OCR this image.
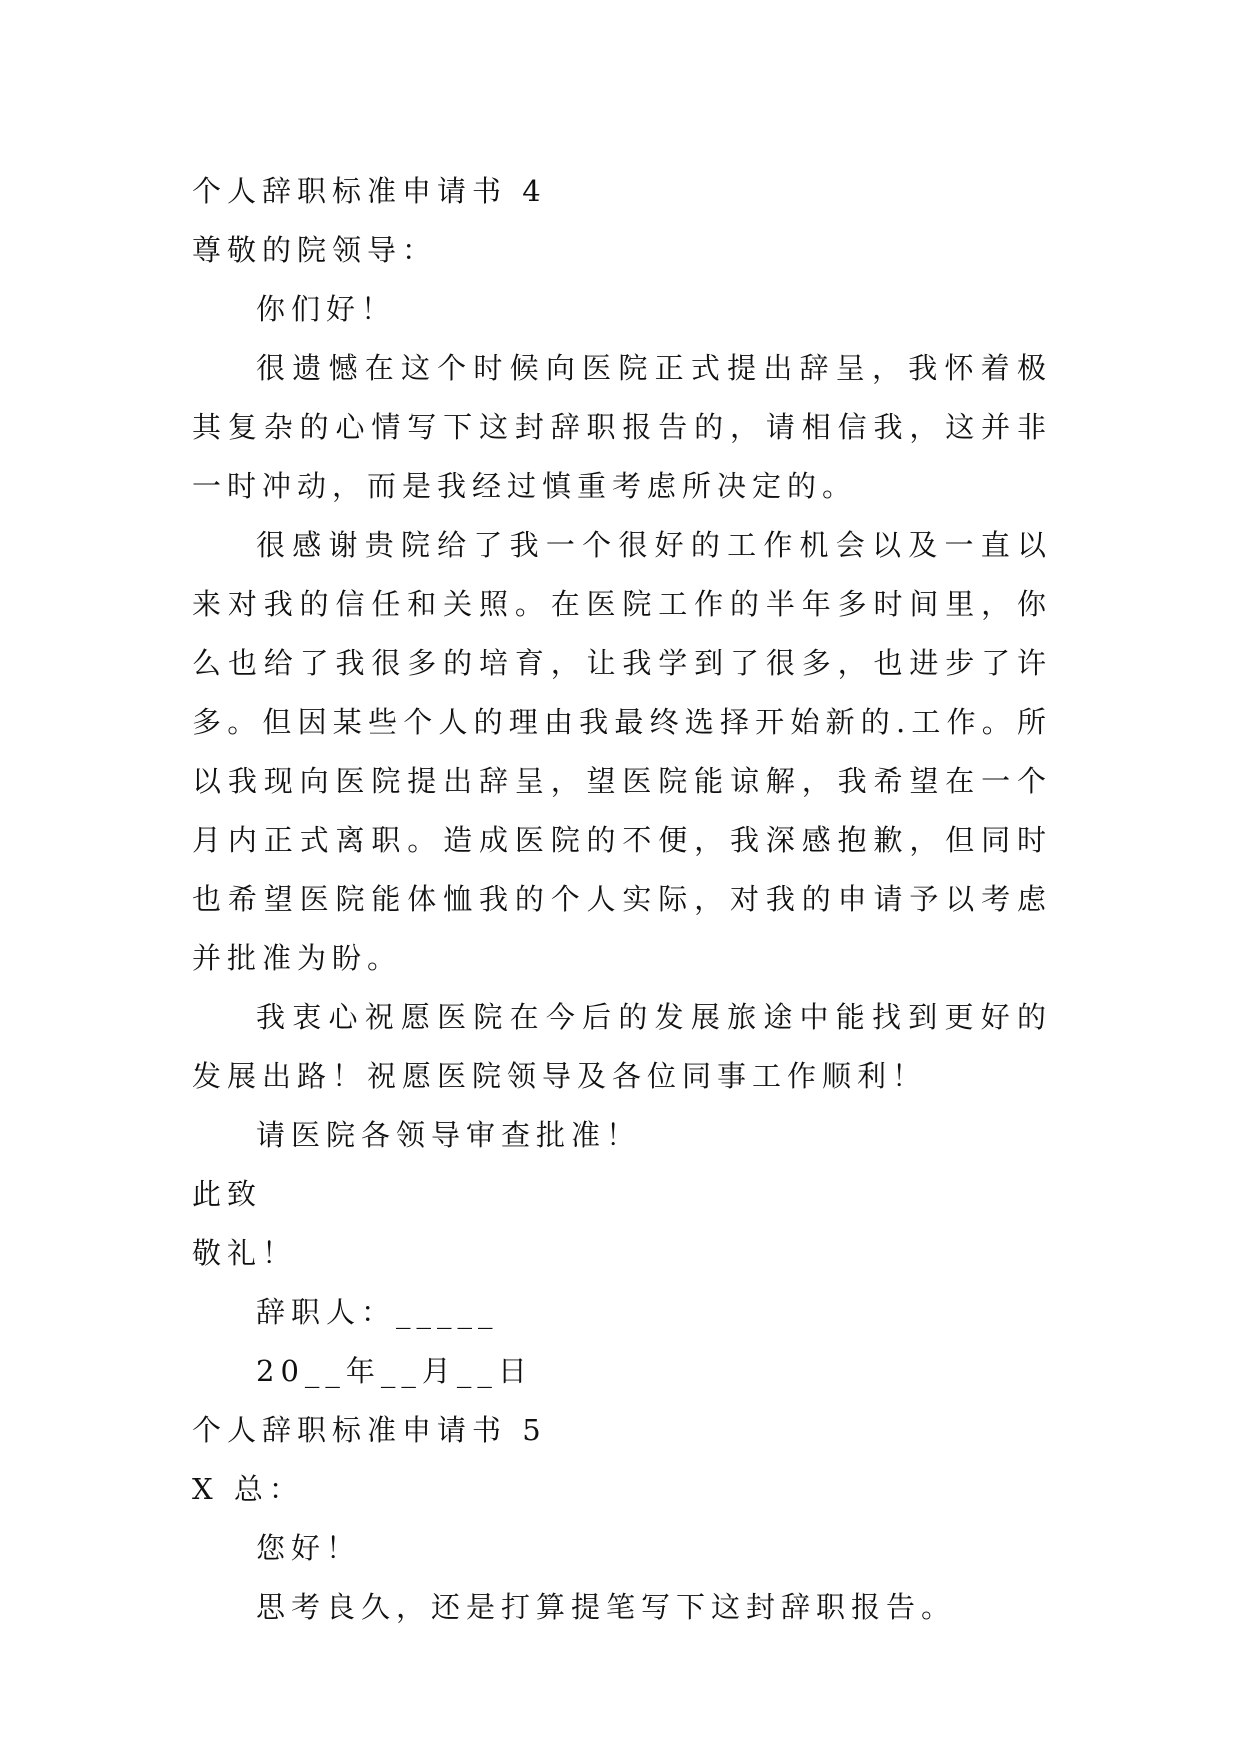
个人辞职标准申请书 4
尊敬的院领导：
你们好！
很遗憾在这个时候向医院正式提出辞呈，我怀着极其复杂的心情写下这封辞职报告的，请相信我，这并非一时冲动，而是我经过慎重考虑所决定的。
很感谢贵院给了我一个很好的工作机会以及一直以来对我的信任和关照。在医院工作的半年多时间里，你么也给了我很多的培育，让我学到了很多，也进步了许多。但因某些个人的理由我最终选择开始新的.工作。所以我现向医院提出辞呈，望医院能谅解，我希望在一个月内正式离职。造成医院的不便，我深感抱歉，但同时也希望医院能体恤我的个人实际，对我的申请予以考虑并批准为盼。
我衷心祝愿医院在今后的发展旅途中能找到更好的发展出路！祝愿医院领导及各位同事工作顺利！
请医院各领导审查批准！
此致
敬礼！
辞职人：_____
20__年__月__日
个人辞职标准申请书 5
X 总：
您好！
思考良久，还是打算提笔写下这封辞职报告。
